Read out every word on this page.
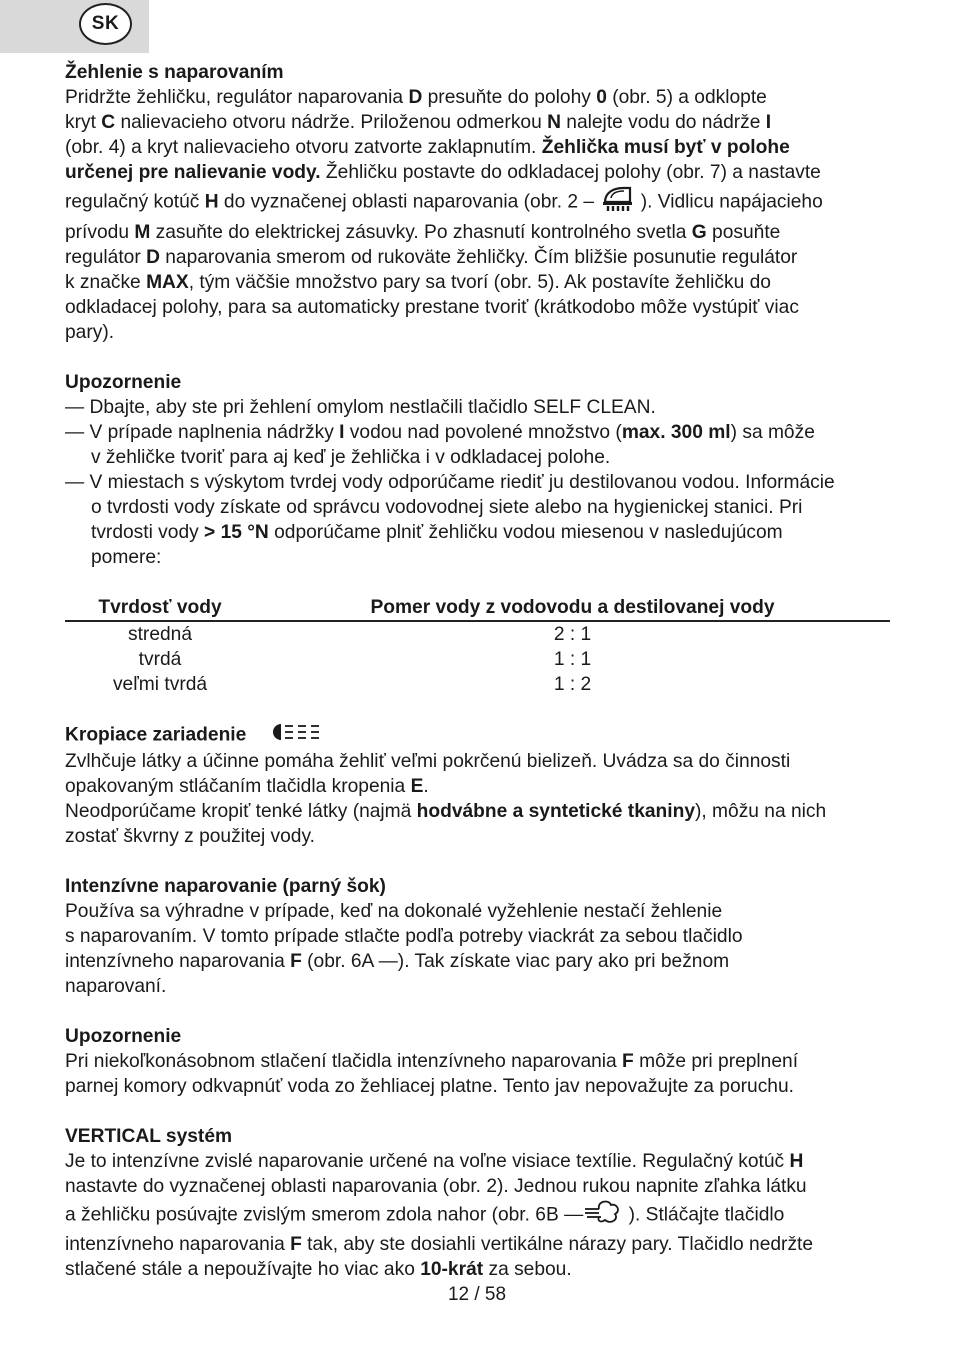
SK

Žehlenie s naparovaním

Pridržte žehličku, regulátor naparovania D presuňte do polohy 0 (obr. 5) a odklopte

kryt C nalievacieho otvoru nádrže. Priloženou odmerkou N nalejte vodu do nádrže I

(obr. 4) a kryt nalievacieho otvoru zatvorte zaklapnutím. Žehlička musí byť v polohe

určenej pre nalievanie vody. Žehličku postavte do odkladacej polohy (obr. 7) a nastavte

regulačný kotúč H do vyznačenej oblasti naparovania (obr. 2 –  ). Vidlicu napájacieho

prívodu M zasuňte do elektrickej zásuvky. Po zhasnutí kontrolného svetla G posuňte

regulátor D naparovania smerom od rukoväte žehličky. Čím bližšie posunutie regulátor

k značke MAX, tým väčšie množstvo pary sa tvorí (obr. 5). Ak postavíte žehličku do

odkladacej polohy, para sa automaticky prestane tvoriť (krátkodobo môže vystúpiť viac

pary).

Upozornenie

— Dbajte, aby ste pri žehlení omylom nestlačili tlačidlo SELF CLEAN.

— V prípade naplnenia nádržky I vodou nad povolené množstvo (max. 300 ml) sa môže
v žehličke tvoriť para aj keď je žehlička i v odkladacej polohe.

— V miestach s výskytom tvrdej vody odporúčame riediť ju destilovanou vodou. Informácie
o tvrdosti vody získate od správcu vodovodnej siete alebo na hygienickej stanici. Pri
tvrdosti vody > 15 °N odporúčame plniť žehličku vodou miesenou v nasledujúcom
pomere:

Tvrdosť vody	Pomer vody z vodovodu a destilovanej vody
stredná	2 : 1
tvrdá	1 : 1
veľmi tvrdá	1 : 2

Kropiace zariadenie

Zvlhčuje látky a účinne pomáha žehliť veľmi pokrčenú bielizeň. Uvádza sa do činnosti

opakovaným stláčaním tlačidla kropenia E.

Neodporúčame kropiť tenké látky (najmä hodvábne a syntetické tkaniny), môžu na nich

zostať škvrny z použitej vody.

Intenzívne naparovanie (parný šok)

Používa sa výhradne v prípade, keď na dokonalé vyžehlenie nestačí žehlenie

s naparovaním. V tomto prípade stlačte podľa potreby viackrát za sebou tlačidlo

intenzívneho naparovania F (obr. 6A —). Tak získate viac pary ako pri bežnom

naparovaní.

Upozornenie

Pri niekoľkonásobnom stlačení tlačidla intenzívneho naparovania F môže pri preplnení

parnej komory odkvapnúť voda zo žehliacej platne. Tento jav nepovažujte za poruchu.

VERTICAL systém

Je to intenzívne zvislé naparovanie určené na voľne visiace textílie. Regulačný kotúč H

nastavte do vyznačenej oblasti naparovania (obr. 2). Jednou rukou napnite zľahka látku

a žehličku posúvajte zvislým smerom zdola nahor (obr. 6B — ). Stláčajte tlačidlo

intenzívneho naparovania F tak, aby ste dosiahli vertikálne nárazy pary. Tlačidlo nedržte

stlačené stále a nepoužívajte ho viac ako 10-krát za sebou.

12 / 58
